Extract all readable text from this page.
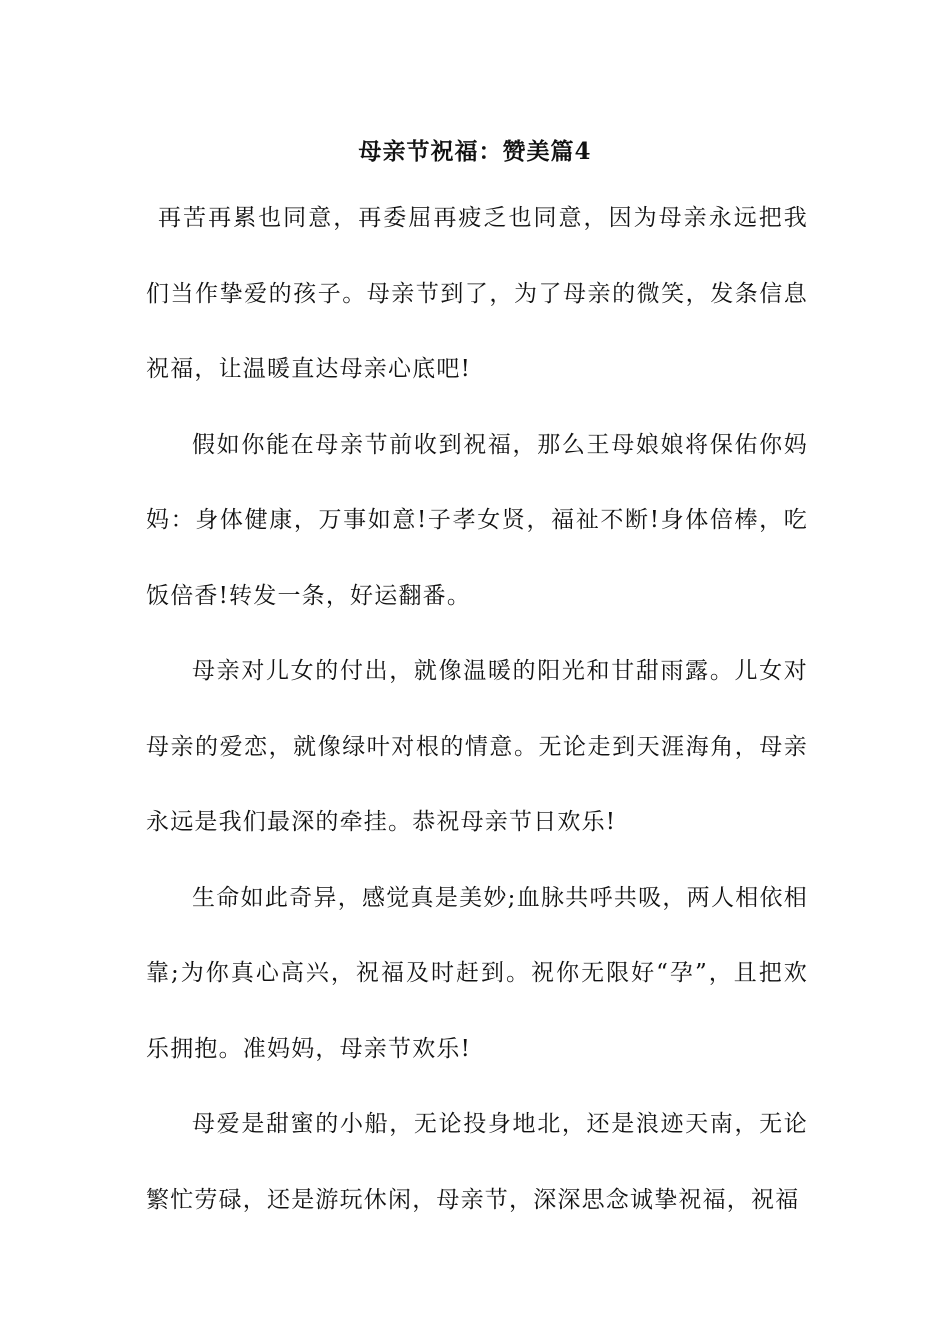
母亲节祝福：赞美篇4

再苦再累也同意，再委屈再疲乏也同意，因为母亲永远把我们当作挚爱的孩子。母亲节到了，为了母亲的微笑，发条信息祝福，让温暖直达母亲心底吧!

假如你能在母亲节前收到祝福，那么王母娘娘将保佑你妈妈：身体健康，万事如意!子孝女贤，福祉不断!身体倍棒，吃饭倍香!转发一条，好运翻番。

母亲对儿女的付出，就像温暖的阳光和甘甜雨露。儿女对母亲的爱恋，就像绿叶对根的情意。无论走到天涯海角，母亲永远是我们最深的牵挂。恭祝母亲节日欢乐!

生命如此奇异，感觉真是美妙;血脉共呼共吸，两人相依相靠;为你真心高兴，祝福及时赶到。祝你无限好“孕”，且把欢乐拥抱。准妈妈，母亲节欢乐!

母爱是甜蜜的小船，无论投身地北，还是浪迹天南，无论繁忙劳碌，还是游玩休闲，母亲节，深深思念诚挚祝福，祝福
